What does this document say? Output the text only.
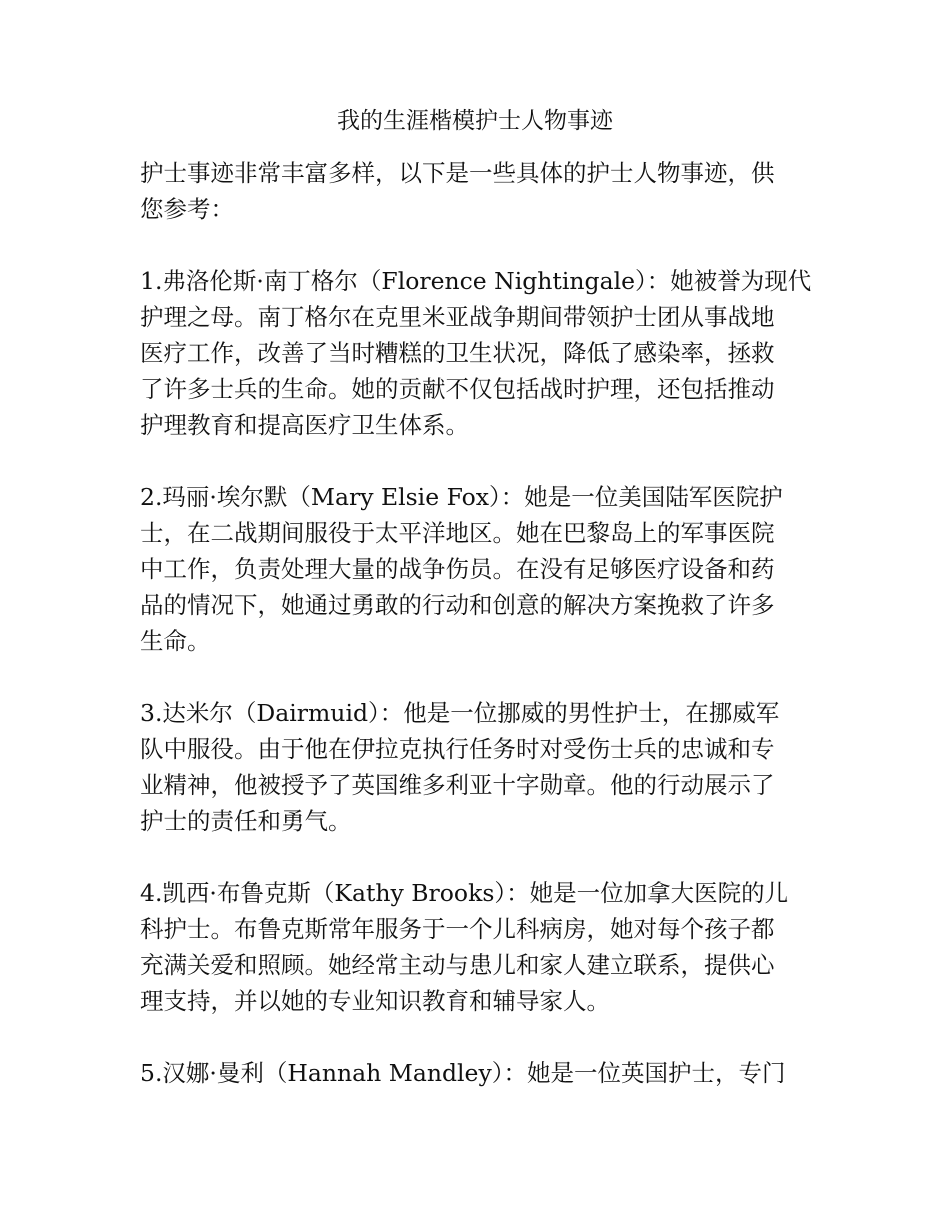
我的生涯楷模护士人物事迹

护士事迹非常丰富多样，以下是一些具体的护士人物事迹，供
您参考：

1.弗洛伦斯·南丁格尔（Florence Nightingale）：她被誉为现代
护理之母。南丁格尔在克里米亚战争期间带领护士团从事战地
医疗工作，改善了当时糟糕的卫生状况，降低了感染率，拯救
了许多士兵的生命。她的贡献不仅包括战时护理，还包括推动
护理教育和提高医疗卫生体系。

2.玛丽·埃尔默（Mary Elsie Fox）：她是一位美国陆军医院护
士，在二战期间服役于太平洋地区。她在巴黎岛上的军事医院
中工作，负责处理大量的战争伤员。在没有足够医疗设备和药
品的情况下，她通过勇敢的行动和创意的解决方案挽救了许多
生命。

3.达米尔（Dairmuid）：他是一位挪威的男性护士，在挪威军
队中服役。由于他在伊拉克执行任务时对受伤士兵的忠诚和专
业精神，他被授予了英国维多利亚十字勋章。他的行动展示了
护士的责任和勇气。

4.凯西·布鲁克斯（Kathy Brooks）：她是一位加拿大医院的儿
科护士。布鲁克斯常年服务于一个儿科病房，她对每个孩子都
充满关爱和照顾。她经常主动与患儿和家人建立联系，提供心
理支持，并以她的专业知识教育和辅导家人。

5.汉娜·曼利（Hannah Mandley）：她是一位英国护士，专门
